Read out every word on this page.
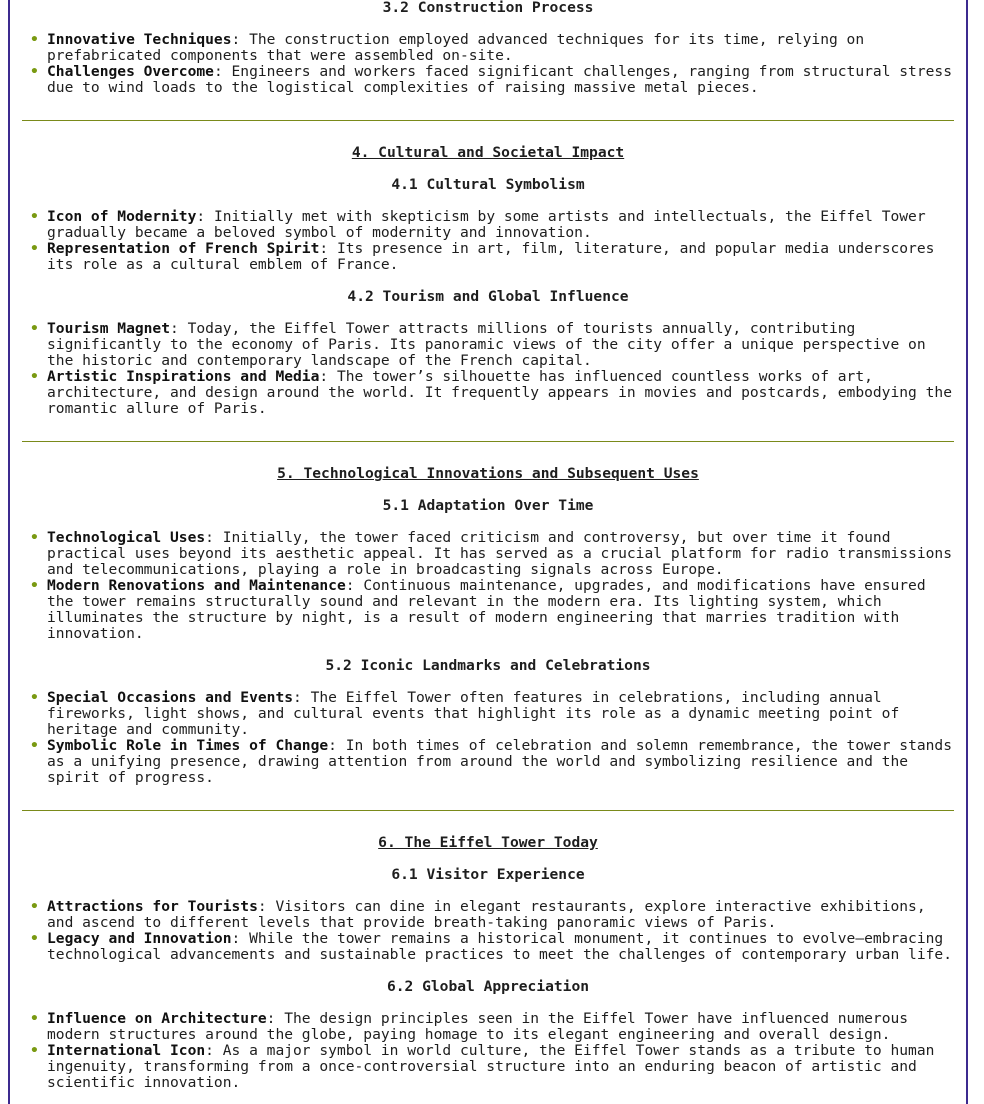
3.2 Construction Process
• Innovative Techniques: The construction employed advanced techniques for its time, relying on prefabricated components that were assembled on-site.
• Challenges Overcome: Engineers and workers faced significant challenges, ranging from structural stress due to wind loads to the logistical complexities of raising massive metal pieces.
4. Cultural and Societal Impact
4.1 Cultural Symbolism
• Icon of Modernity: Initially met with skepticism by some artists and intellectuals, the Eiffel Tower gradually became a beloved symbol of modernity and innovation.
• Representation of French Spirit: Its presence in art, film, literature, and popular media underscores its role as a cultural emblem of France.
4.2 Tourism and Global Influence
• Tourism Magnet: Today, the Eiffel Tower attracts millions of tourists annually, contributing significantly to the economy of Paris. Its panoramic views of the city offer a unique perspective on the historic and contemporary landscape of the French capital.
• Artistic Inspirations and Media: The tower’s silhouette has influenced countless works of art, architecture, and design around the world. It frequently appears in movies and postcards, embodying the romantic allure of Paris.
5. Technological Innovations and Subsequent Uses
5.1 Adaptation Over Time
• Technological Uses: Initially, the tower faced criticism and controversy, but over time it found practical uses beyond its aesthetic appeal. It has served as a crucial platform for radio transmissions and telecommunications, playing a role in broadcasting signals across Europe.
• Modern Renovations and Maintenance: Continuous maintenance, upgrades, and modifications have ensured the tower remains structurally sound and relevant in the modern era. Its lighting system, which illuminates the structure by night, is a result of modern engineering that marries tradition with innovation.
5.2 Iconic Landmarks and Celebrations
• Special Occasions and Events: The Eiffel Tower often features in celebrations, including annual fireworks, light shows, and cultural events that highlight its role as a dynamic meeting point of heritage and community.
• Symbolic Role in Times of Change: In both times of celebration and solemn remembrance, the tower stands as a unifying presence, drawing attention from around the world and symbolizing resilience and the spirit of progress.
6. The Eiffel Tower Today
6.1 Visitor Experience
• Attractions for Tourists: Visitors can dine in elegant restaurants, explore interactive exhibitions, and ascend to different levels that provide breath-taking panoramic views of Paris.
• Legacy and Innovation: While the tower remains a historical monument, it continues to evolve—embracing technological advancements and sustainable practices to meet the challenges of contemporary urban life.
6.2 Global Appreciation
• Influence on Architecture: The design principles seen in the Eiffel Tower have influenced numerous modern structures around the globe, paying homage to its elegant engineering and overall design.
• International Icon: As a major symbol in world culture, the Eiffel Tower stands as a tribute to human ingenuity, transforming from a once-controversial structure into an enduring beacon of artistic and scientific innovation.
